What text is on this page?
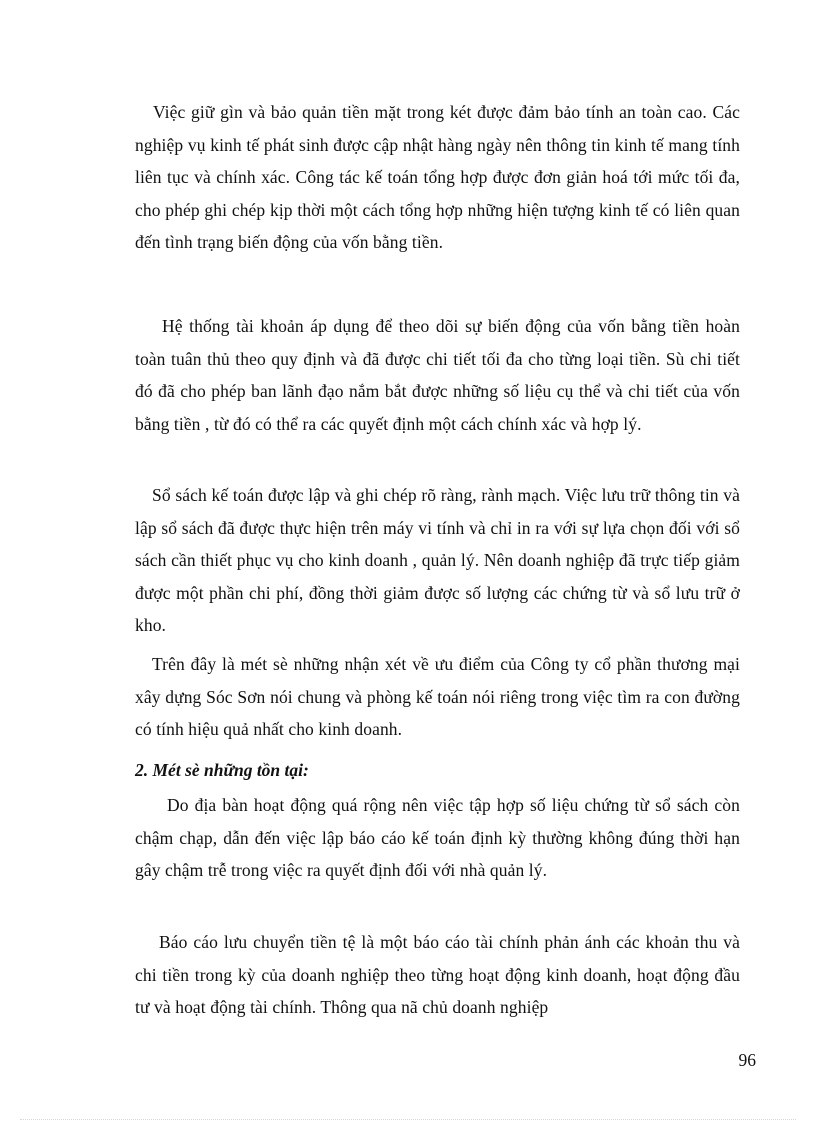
Việc giữ gìn và bảo quản tiền mặt trong két được đảm bảo tính an toàn cao. Các nghiệp vụ kinh tế phát sinh được cập nhật hàng ngày nên thông tin kinh tế mang tính liên tục và chính xác. Công tác kế toán tổng hợp được đơn giản hoá tới mức tối đa, cho phép ghi chép kịp thời một cách tổng hợp những hiện tượng kinh tế có liên quan đến tình trạng biến động của vốn bằng tiền.

Hệ thống tài khoản áp dụng để theo dõi sự biến động của vốn bằng tiền hoàn toàn tuân thủ theo quy định và đã được chi tiết tối đa cho từng loại tiền. Sù chi tiết đó đã cho phép ban lãnh đạo nắm bắt được những số liệu cụ thể và chi tiết của vốn bằng tiền , từ đó có thể ra các quyết định một cách chính xác và hợp lý.

Sổ sách kế toán được lập và ghi chép rõ ràng, rành mạch. Việc lưu trữ thông tin và lập sổ sách đã được thực hiện trên máy vi tính và chỉ in ra với sự lựa chọn đối với sổ sách cần thiết phục vụ cho kinh doanh , quản lý. Nên doanh nghiệp đã trực tiếp giảm được một phần chi phí, đồng thời giảm được số lượng các chứng từ và sổ lưu trữ ở kho.

Trên đây là mét sè những nhận xét về ưu điểm của Công ty cổ phần thương mại xây dựng Sóc Sơn nói chung và phòng kế toán nói riêng trong việc tìm ra con đường có tính hiệu quả nhất cho kinh doanh.

2. Mét sè những tồn tại:

Do địa bàn hoạt động quá rộng nên việc tập hợp số liệu chứng từ sổ sách còn chậm chạp, dẫn đến việc lập báo cáo kế toán định kỳ thường không đúng thời hạn gây chậm trễ trong việc ra quyết định đối với nhà quản lý.

Báo cáo lưu chuyển tiền tệ là một báo cáo tài chính phản ánh các khoản thu và chi tiền trong kỳ của doanh nghiệp theo từng hoạt động kinh doanh, hoạt động đầu tư và hoạt động tài chính. Thông qua nã chủ doanh nghiệp

96
